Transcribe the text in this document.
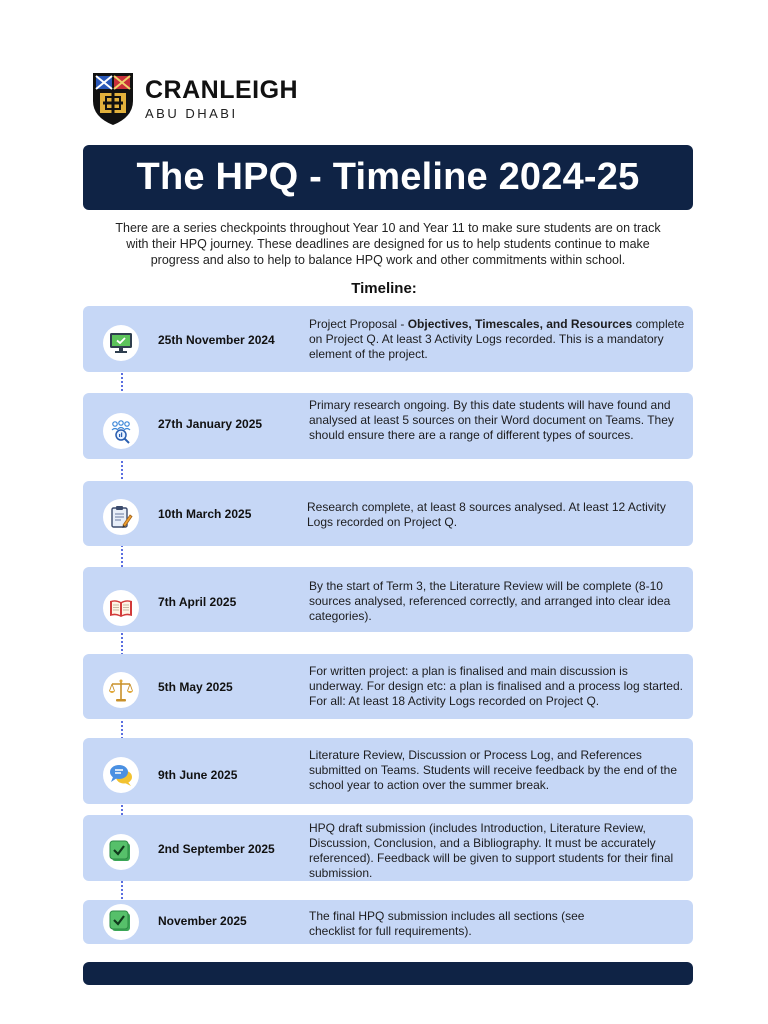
CRANLEIGH
ABU DHABI
The HPQ - Timeline 2024-25

There are a series checkpoints throughout Year 10 and Year 11 to make sure students are on track with their HPQ journey. These deadlines are designed for us to help students continue to make progress and also to help to balance HPQ work and other commitments within school.

Timeline:
25th November 2024
Project Proposal - Objectives, Timescales, and Resources complete on Project Q. At least 3 Activity Logs recorded. This is a mandatory element of the project.
27th January 2025
Primary research ongoing. By this date students will have found and analysed at least 5 sources on their Word document on Teams. They should ensure there are a range of different types of sources.
10th March 2025	Research complete, at least 8 sources analysed. At least 12 Activity Logs recorded on Project Q.
7th April 2025
By the start of Term 3, the Literature Review will be complete (8-10 sources analysed, referenced correctly, and arranged into clear idea categories).
5th May 2025
For written project: a plan is finalised and main discussion is underway. For design etc: a plan is finalised and a process log started. For all: At least 18 Activity Logs recorded on Project Q.
9th June 2025
Literature Review, Discussion or Process Log, and References submitted on Teams. Students will receive feedback by the end of the school year to action over the summer break.
2nd September 2025
HPQ draft submission (includes Introduction, Literature Review, Discussion, Conclusion, and a Bibliography. It must be accurately referenced). Feedback will be given to support students for their final submission.
November 2025	The final HPQ submission includes all sections (see checklist for full requirements).
